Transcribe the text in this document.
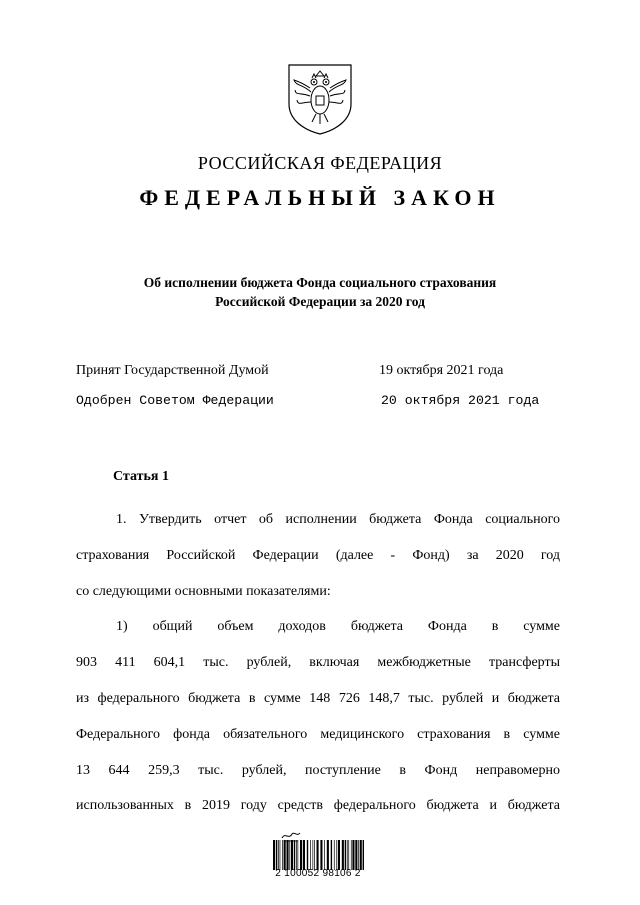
РОССИЙСКАЯ ФЕДЕРАЦИЯ
ФЕДЕРАЛЬНЫЙ ЗАКОН
Об исполнении бюджета Фонда социального страхования
Российской Федерации за 2020 год
Принят Государственной Думой	19 октября 2021 года
Одобрен Советом Федерации	20 октября 2021 года
Статья 1
1. Утвердить отчет об исполнении бюджета Фонда социального
страхования Российской Федерации (далее - Фонд) за 2020 год
со следующими основными показателями:
1) общий объем доходов бюджета Фонда в сумме
903 411 604,1 тыс. рублей, включая межбюджетные трансферты
из федерального бюджета в сумме 148 726 148,7 тыс. рублей и бюджета
Федерального фонда обязательного медицинского страхования в сумме
13 644 259,3 тыс. рублей, поступление в Фонд неправомерно
использованных в 2019 году средств федерального бюджета и бюджета
2 100052 98106 2
